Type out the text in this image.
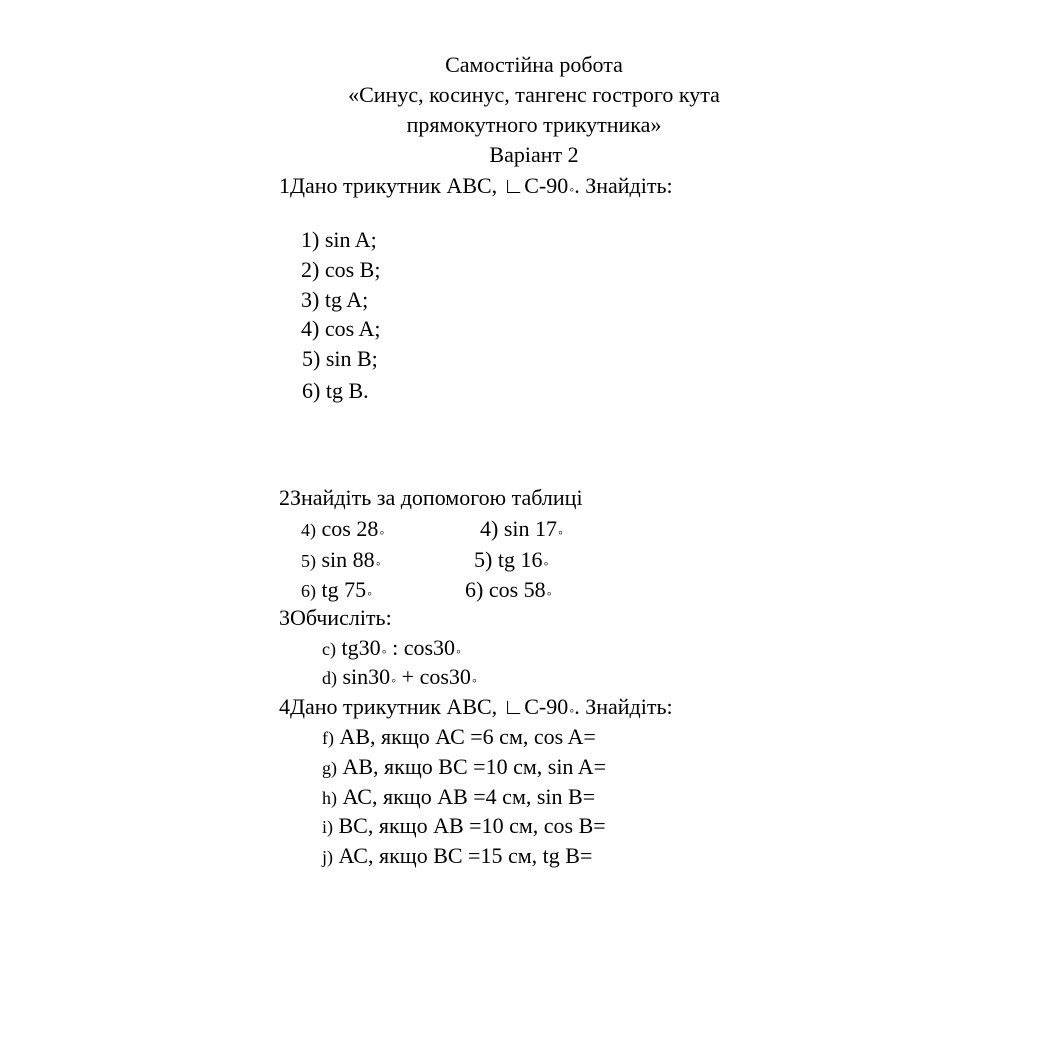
Самостійна робота
«Синус, косинус, тангенс гострого кута
прямокутного трикутника»
Варіант 2
1Дано трикутник АВС, ∟С-90◦. Знайдіть:
1) sin A;
2) cos B;
3) tg A;
4) cos A;
5) sin B;
6) tg B.
2Знайдіть за допомогою таблиці
4) cos 28◦
5) sin 88◦
6) tg 75◦
4) sin 17◦
5) tg 16◦
6) cos 58◦
3Обчисліть:
c) tg30◦ : cos30◦
d) sin30◦ + cos30◦
4Дано трикутник АВС, ∟С-90◦. Знайдіть:
f) АВ, якщо АС =6 см, cos A=
g) АВ, якщо ВС =10 см, sin A=
h) АС, якщо АВ =4 см, sin B=
i) ВС, якщо АВ =10 см, cos B=
j) АС, якщо ВС =15 см, tg B=
